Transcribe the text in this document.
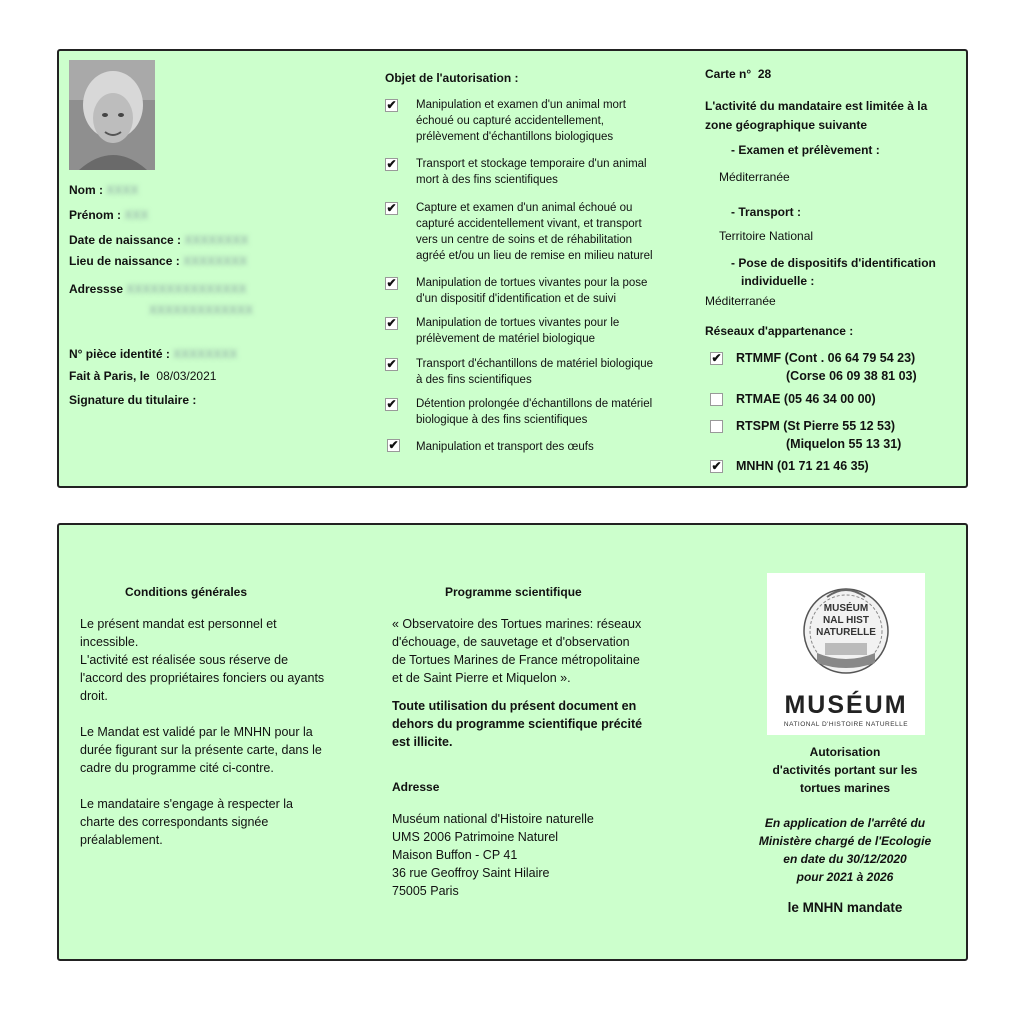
Nom : XXXX
Prénom : XXX
Date de naissance : XXXXXXXX
Lieu de naissance : XXXXXXXX
Adressse XXXXXXXXXXXXXXX
XXXXXXXXXXXXX
N° pièce identité : XXXXXXXX
Fait à Paris, le 08/03/2021
Signature du titulaire :
Objet de l'autorisation :
✔ Manipulation et examen d'un animal mort
échoué ou capturé accidentellement,
prélèvement d'échantillons biologiques
✔ Transport et stockage temporaire d'un animal
mort à des fins scientifiques
✔ Capture et examen d'un animal échoué ou
capturé accidentellement vivant, et transport
vers un centre de soins et de réhabilitation
agréé et/ou un lieu de remise en milieu naturel
✔ Manipulation de tortues vivantes pour la pose
d'un dispositif d'identification et de suivi
✔ Manipulation de tortues vivantes pour le
prélèvement de matériel biologique
✔ Transport d'échantillons de matériel biologique
à des fins scientifiques
✔ Détention prolongée d'échantillons de matériel
biologique à des fins scientifiques
✔ Manipulation et transport des œufs
Carte n° 28
L'activité du mandataire est limitée à la
zone géographique suivante
- Examen et prélèvement :
Méditerranée
- Transport :
Territoire National
- Pose de dispositifs d'identification
individuelle :
Méditerranée
Réseaux d'appartenance :
✔ RTMMF (Cont . 06 64 79 54 23)
(Corse 06 09 38 81 03)
RTMAE (05 46 34 00 00)
RTSPM (St Pierre 55 12 53)
(Miquelon 55 13 31)
✔ MNHN (01 71 21 46 35)
Conditions générales
Le présent mandat est personnel et
incessible.
L'activité est réalisée sous réserve de
l'accord des propriétaires fonciers ou ayants
droit.
Le Mandat est validé par le MNHN pour la
durée figurant sur la présente carte, dans le
cadre du programme cité ci-contre.
Le mandataire s'engage à respecter la
charte des correspondants signée
préalablement.
Programme scientifique
« Observatoire des Tortues marines: réseaux
d'échouage, de sauvetage et d'observation
de Tortues Marines de France métropolitaine
et de Saint Pierre et Miquelon ».
Toute utilisation du présent document en
dehors du programme scientifique précité
est illicite.
Adresse
Muséum national d'Histoire naturelle
UMS 2006 Patrimoine Naturel
Maison Buffon - CP 41
36 rue Geoffroy Saint Hilaire
75005 Paris
MUSÉUM
NAL HIST
NATURELLE
MUSÉUM
NATIONAL D'HISTOIRE NATURELLE
Autorisation
d'activités portant sur les
tortues marines
En application de l'arrêté du
Ministère chargé de l'Ecologie
en date du 30/12/2020
pour 2021 à 2026
le MNHN mandate
